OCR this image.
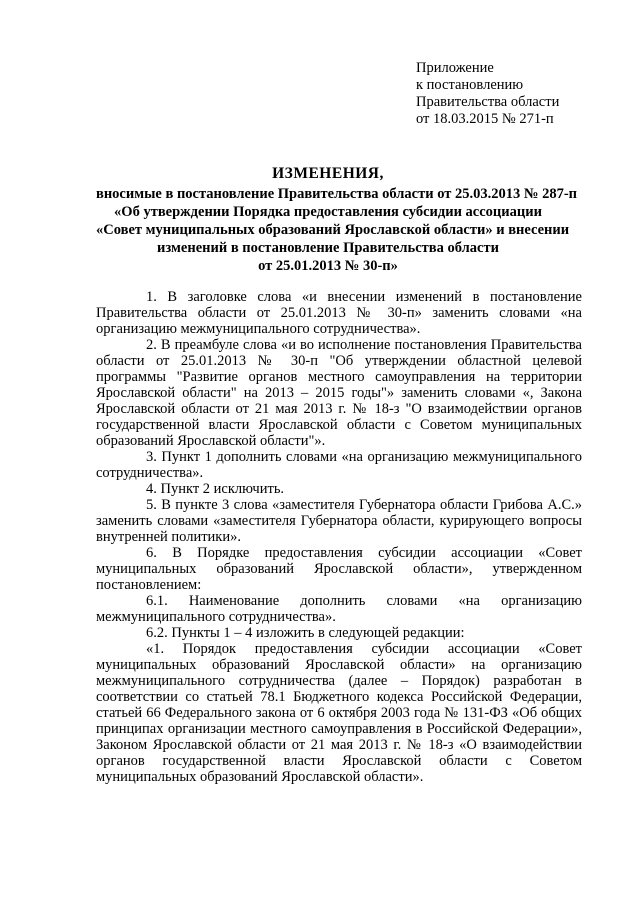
Приложение
к постановлению
Правительства области
от 18.03.2015 № 271-п
ИЗМЕНЕНИЯ,
вносимые в постановление Правительства области от 25.03.2013 № 287-п
«Об утверждении Порядка предоставления субсидии ассоциации
«Совет муниципальных образований Ярославской области» и внесении
изменений в постановление Правительства области
от 25.01.2013 № 30-п»

1. В заголовке слова «и внесении изменений в постановление Правительства области от 25.01.2013 № 30-п» заменить словами «на организацию межмуниципального сотрудничества».

2. В преамбуле слова «и во исполнение постановления Правительства области от 25.01.2013 № 30-п "Об утверждении областной целевой программы "Развитие органов местного самоуправления на территории Ярославской области" на 2013 – 2015 годы"» заменить словами «, Закона Ярославской области от 21 мая 2013 г. № 18-з "О взаимодействии органов государственной власти Ярославской области с Советом муниципальных образований Ярославской области"».

3. Пункт 1 дополнить словами «на организацию межмуниципального сотрудничества».

4. Пункт 2 исключить.

5. В пункте 3 слова «заместителя Губернатора области Грибова А.С.» заменить словами «заместителя Губернатора области, курирующего вопросы внутренней политики».

6. В Порядке предоставления субсидии ассоциации «Совет муниципальных образований Ярославской области», утвержденном постановлением:

6.1. Наименование дополнить словами «на организацию межмуниципального сотрудничества».

6.2. Пункты 1 – 4 изложить в следующей редакции:

«1. Порядок предоставления субсидии ассоциации «Совет муниципальных образований Ярославской области» на организацию межмуниципального сотрудничества (далее – Порядок) разработан в соответствии со статьей 78.1 Бюджетного кодекса Российской Федерации, статьей 66 Федерального закона от 6 октября 2003 года № 131-ФЗ «Об общих принципах организации местного самоуправления в Российской Федерации», Законом Ярославской области от 21 мая 2013 г. № 18-з «О взаимодействии органов государственной власти Ярославской области с Советом муниципальных образований Ярославской области».
